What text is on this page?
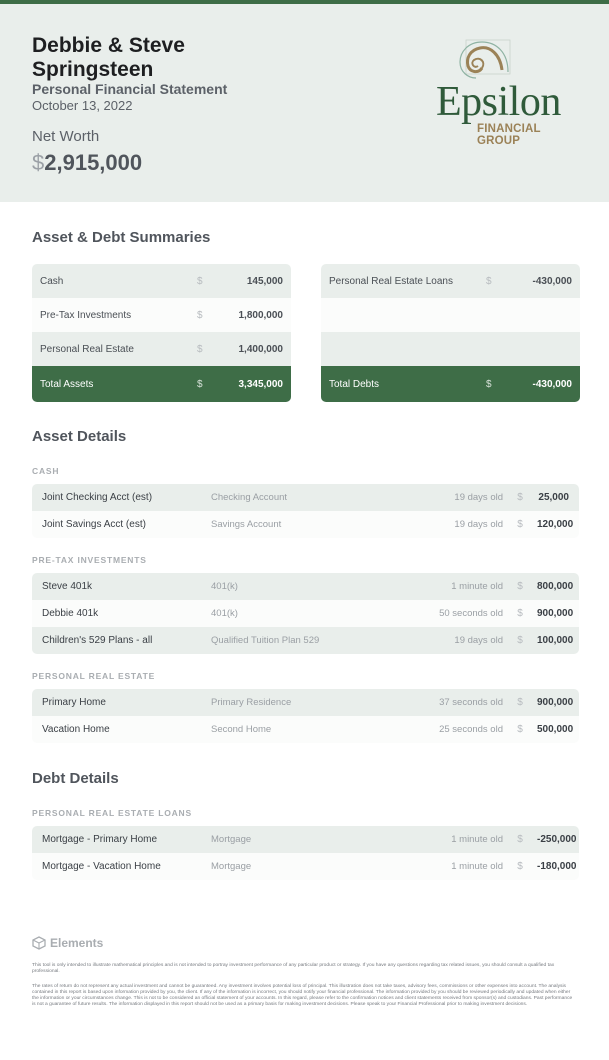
Debbie & Steve Springsteen
Personal Financial Statement
October 13, 2022
Net Worth
$2,915,000
Epsilon
FINANCIAL GROUP
Asset & Debt Summaries
Cash	$	145,000
Pre-Tax Investments	$	1,800,000
Personal Real Estate	$	1,400,000
Total Assets	$	3,345,000
Personal Real Estate Loans	$	-430,000
Total Debts	$	-430,000
Asset Details
CASH
Joint Checking Acct (est)	Checking Account	19 days old	$	25,000
Joint Savings Acct (est)	Savings Account	19 days old	$	120,000
PRE-TAX INVESTMENTS
Steve 401k	401(k)	1 minute old	$	800,000
Debbie 401k	401(k)	50 seconds old	$	900,000
Children's 529 Plans - all	Qualified Tuition Plan 529	19 days old	$	100,000
PERSONAL REAL ESTATE
Primary Home	Primary Residence	37 seconds old	$	900,000
Vacation Home	Second Home	25 seconds old	$	500,000
Debt Details
PERSONAL REAL ESTATE LOANS
Mortgage - Primary Home	Mortgage	1 minute old	$	-250,000
Mortgage - Vacation Home	Mortgage	1 minute old	$	-180,000
Elements
This tool is only intended to illustrate mathematical principles and is not intended to portray investment performance of any particular product or strategy. If you have any questions regarding tax related issues, you should consult a qualified tax professional.
The rates of return do not represent any actual investment and cannot be guaranteed. Any investment involves potential loss of principal. This illustration does not take taxes, advisory fees, commissions or other expenses into account. The analysis contained in this report is based upon information provided by you, the client. If any of the information is incorrect, you should notify your financial professional. The information provided by you should be reviewed periodically and updated when either the information or your circumstances change. This is not to be considered an official statement of your accounts. In this regard, please refer to the confirmation notices and client statements received from sponsor(s) and custodians. Past performance is not a guarantee of future results. The information displayed in this report should not be used as a primary basis for making investment decisions. Please speak to your Financial Professional prior to making investment decisions.
